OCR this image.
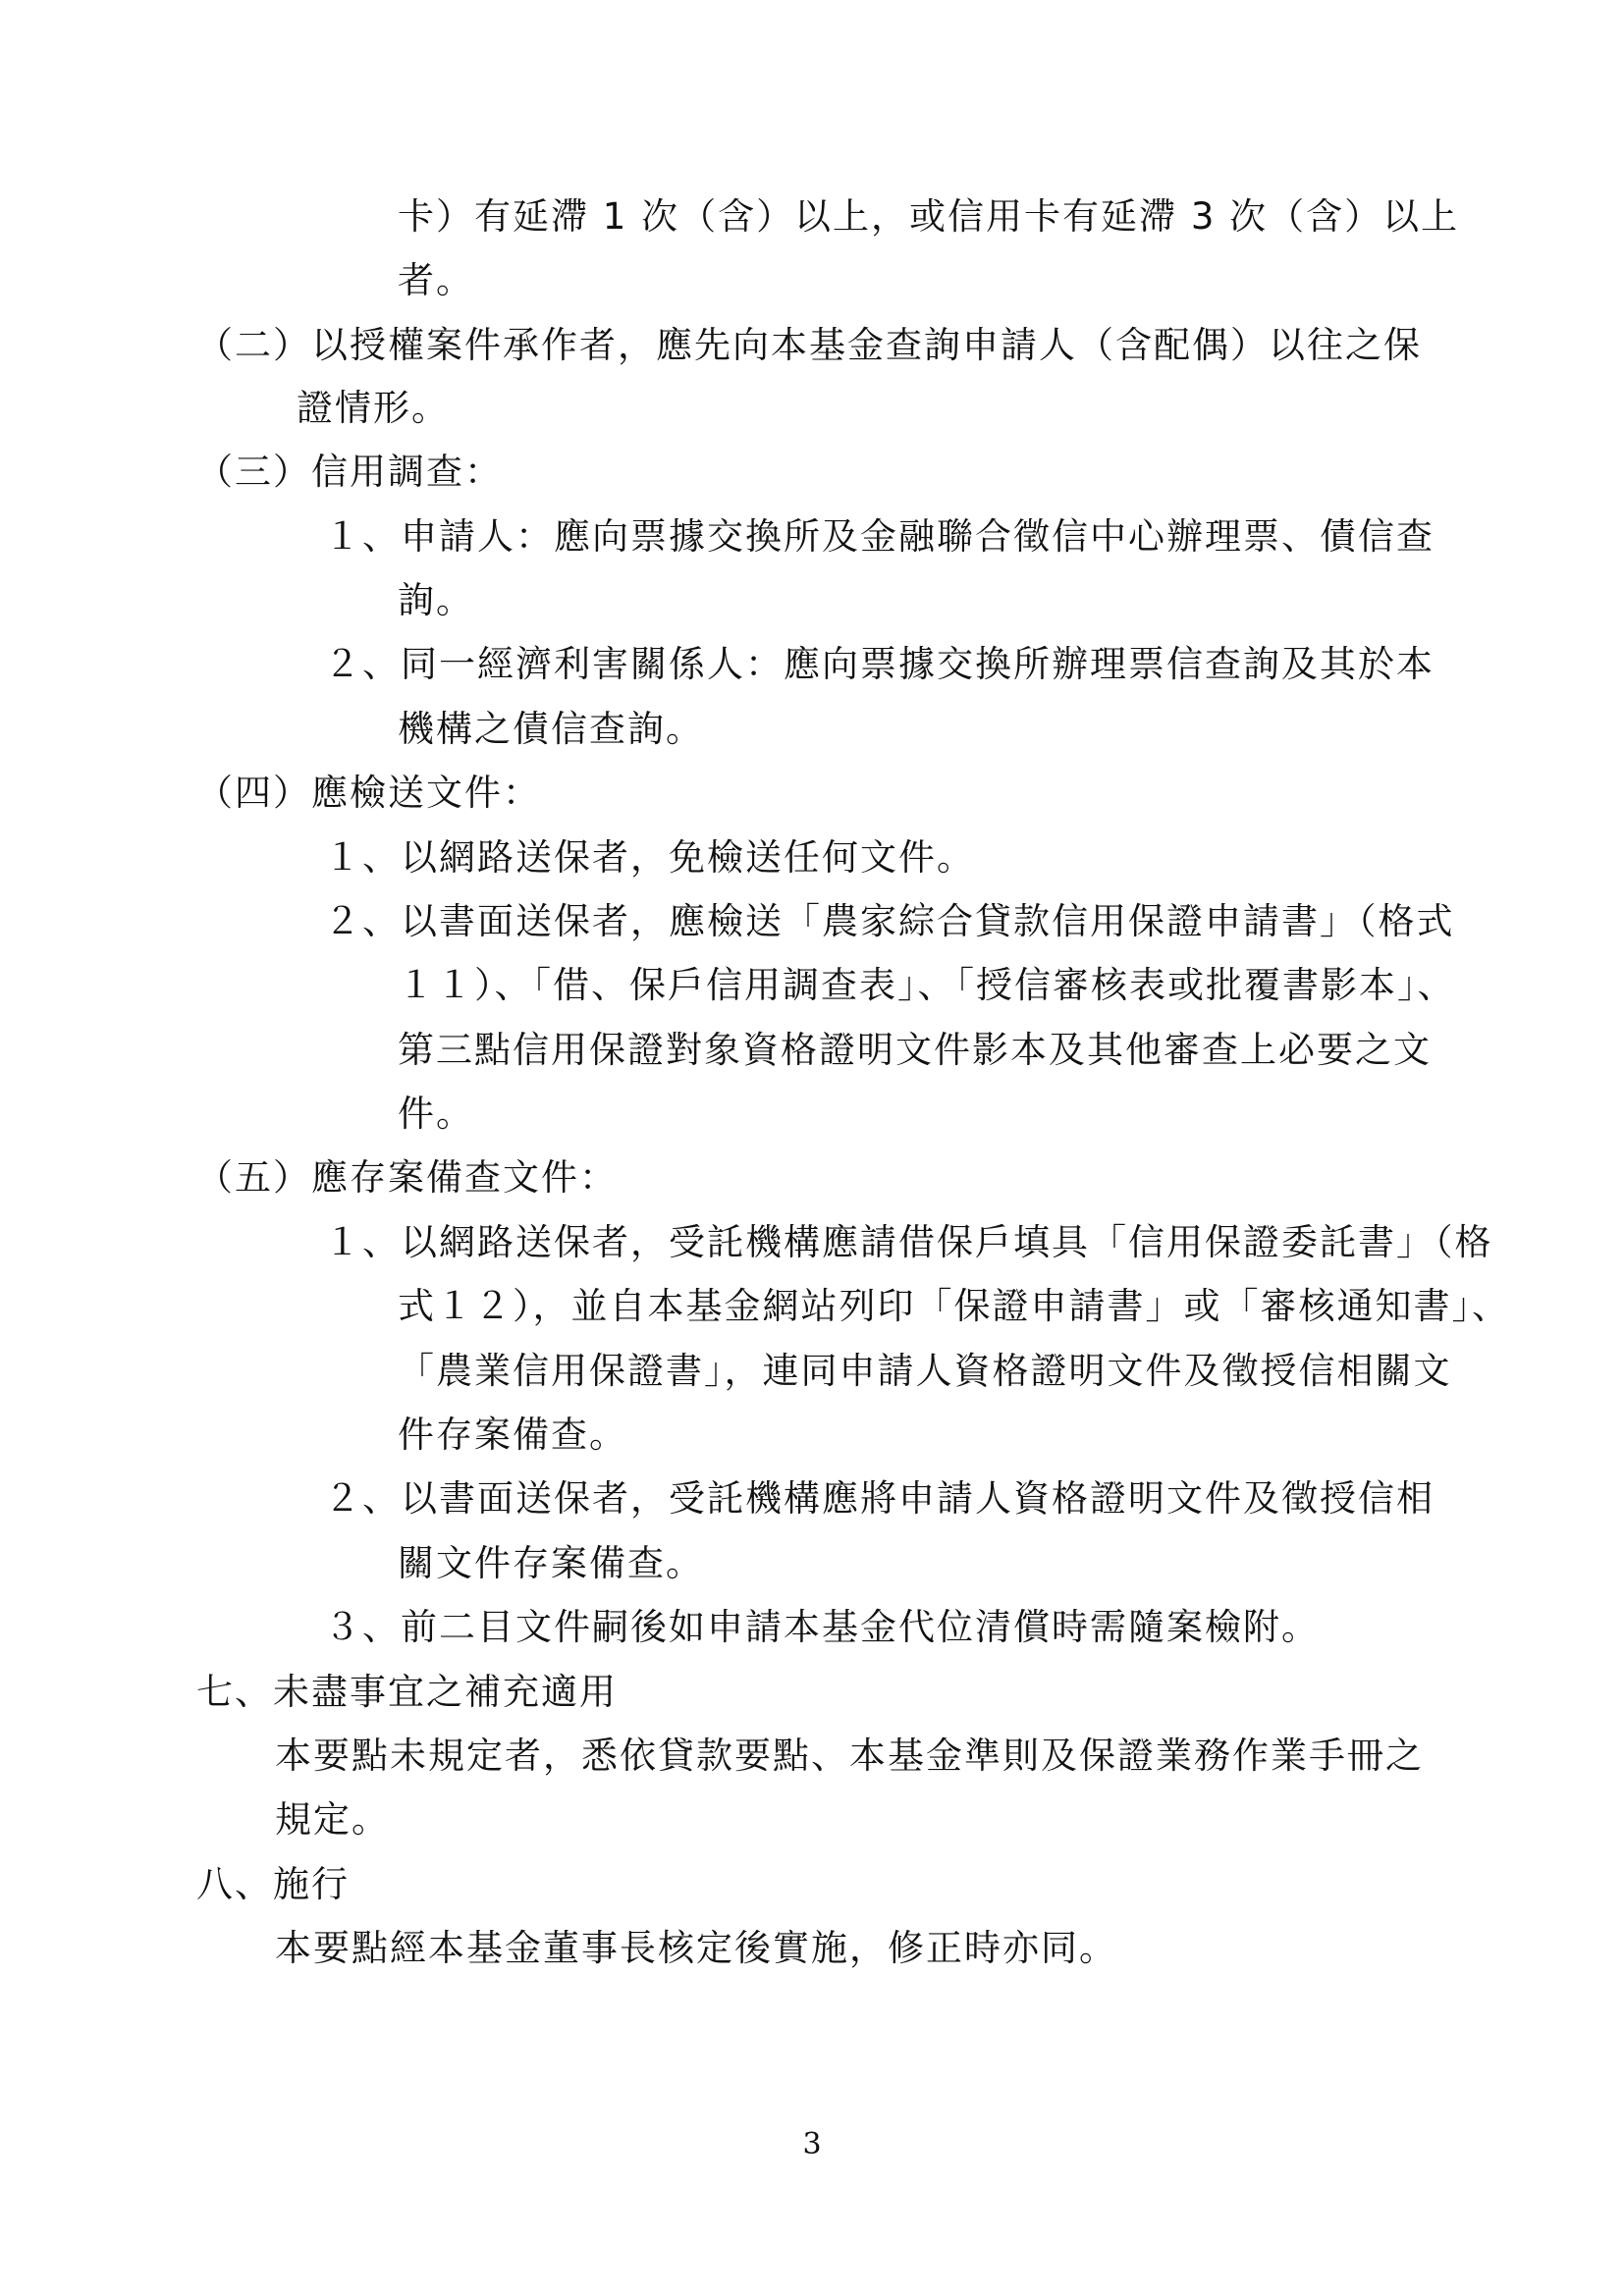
卡）有延滯 1 次（含）以上，或信用卡有延滯 3 次（含）以上
者。
（二）以授權案件承作者，應先向本基金查詢申請人（含配偶）以往之保
證情形。
（三）信用調查：
１、申請人：應向票據交換所及金融聯合徵信中心辦理票、債信查
詢。
２、同一經濟利害關係人：應向票據交換所辦理票信查詢及其於本
機構之債信查詢。
（四）應檢送文件：
１、以網路送保者，免檢送任何文件。
２、以書面送保者，應檢送「農家綜合貸款信用保證申請書」（格式
１１）、「借、保戶信用調查表」、「授信審核表或批覆書影本」、
第三點信用保證對象資格證明文件影本及其他審查上必要之文
件。
（五）應存案備查文件：
１、以網路送保者，受託機構應請借保戶填具「信用保證委託書」（格
式１２），並自本基金網站列印「保證申請書」或「審核通知書」、
「農業信用保證書」，連同申請人資格證明文件及徵授信相關文
件存案備查。
２、以書面送保者，受託機構應將申請人資格證明文件及徵授信相
關文件存案備查。
３、前二目文件嗣後如申請本基金代位清償時需隨案檢附。
七、未盡事宜之補充適用
本要點未規定者，悉依貸款要點、本基金準則及保證業務作業手冊之
規定。
八、施行
本要點經本基金董事長核定後實施，修正時亦同。
3
